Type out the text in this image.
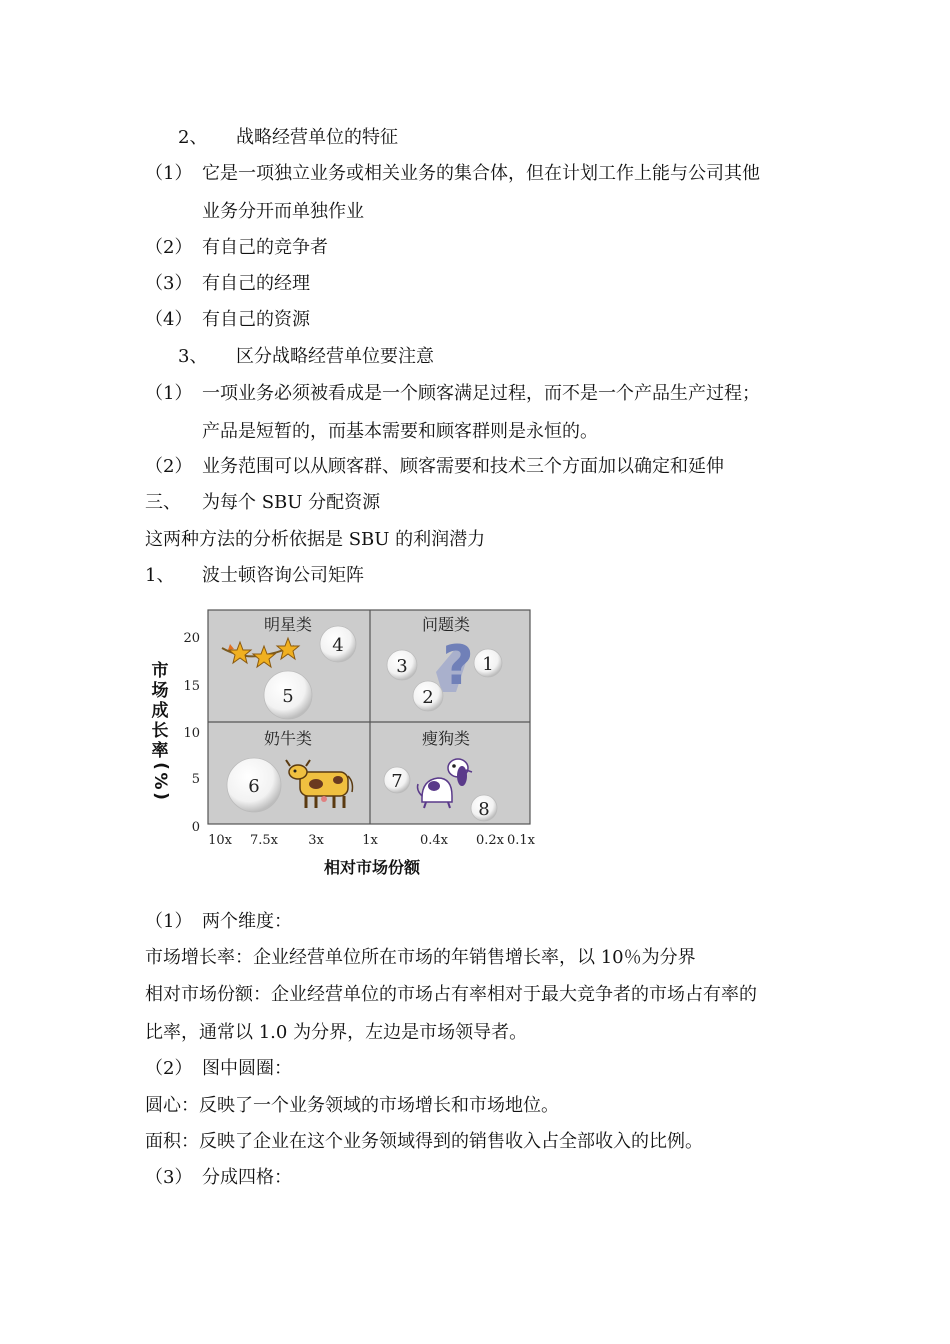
2、 战略经营单位的特征
（1） 它是一项独立业务或相关业务的集合体，但在计划工作上能与公司其他
业务分开而单独作业
（2） 有自己的竞争者
（3） 有自己的经理
（4） 有自己的资源
3、 区分战略经营单位要注意
（1） 一项业务必须被看成是一个顾客满足过程，而不是一个产品生产过程；
产品是短暂的，而基本需要和顾客群则是永恒的。
（2） 业务范围可以从顾客群、顾客需要和技术三个方面加以确定和延伸
三、 为每个 SBU 分配资源
这两种方法的分析依据是 SBU 的利润潜力
1、 波士顿咨询公司矩阵
明星类	问题类
奶牛类	瘦狗类
?
4
5
3
2
1
6	7
8
20
15
10
5
0
市
场
成
长
率
(
%
)
10x 7.5x 3x	1x	0.4x 0.2x 0.1x
相对市场份额
（1） 两个维度：
市场增长率：企业经营单位所在市场的年销售增长率，以 10％为分界
相对市场份额：企业经营单位的市场占有率相对于最大竞争者的市场占有率的
比率，通常以 1.0 为分界，左边是市场领导者。
（2） 图中圆圈：
圆心：反映了一个业务领域的市场增长和市场地位。
面积：反映了企业在这个业务领域得到的销售收入占全部收入的比例。
（3） 分成四格：
